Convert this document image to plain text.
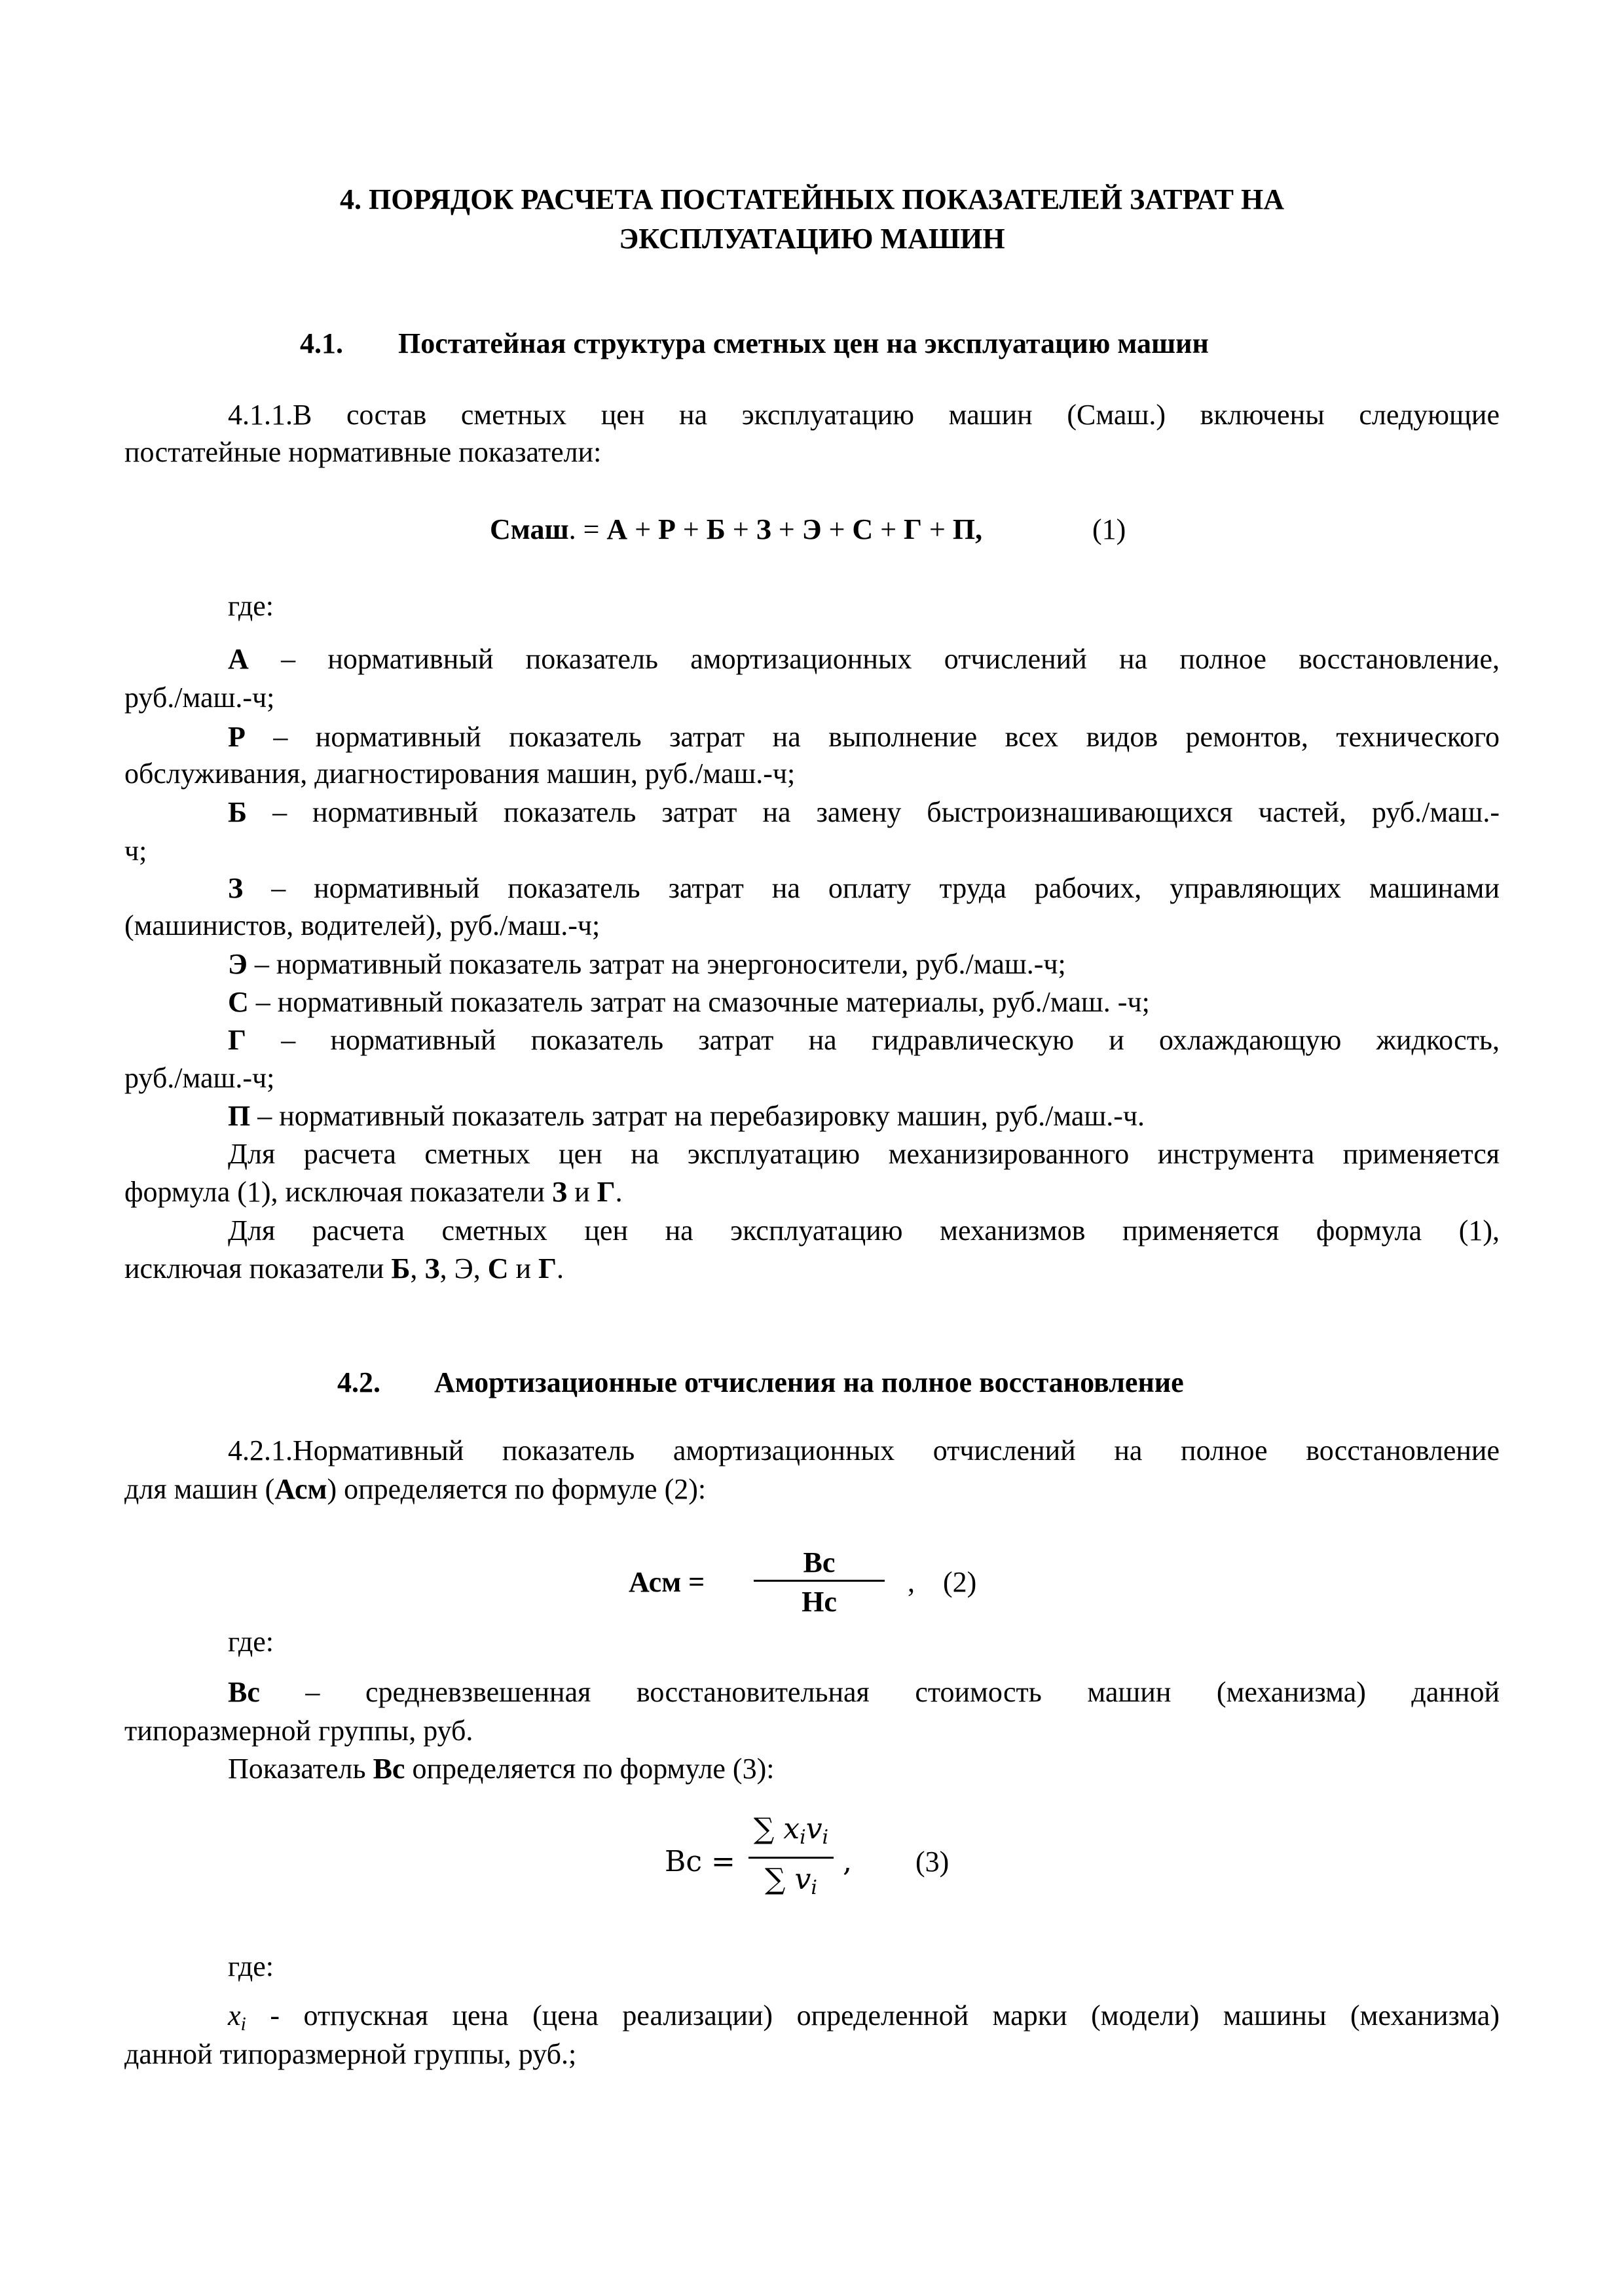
4. ПОРЯДОК РАСЧЕТА ПОСТАТЕЙНЫХ ПОКАЗАТЕЛЕЙ ЗАТРАТ НА
ЭКСПЛУАТАЦИЮ МАШИН
4.1. Постатейная структура сметных цен на эксплуатацию машин
4.1.1.В состав сметных цен на эксплуатацию машин (Смаш.) включены следующие
постатейные нормативные показатели:
Смаш. = А + Р + Б + З + Э + С + Г + П,	(1)
где:
А – нормативный показатель амортизационных отчислений на полное восстановление,
руб./маш.-ч;
Р – нормативный показатель затрат на выполнение всех видов ремонтов, технического
обслуживания, диагностирования машин, руб./маш.-ч;
Б – нормативный показатель затрат на замену быстроизнашивающихся частей, руб./маш.-
ч;
З – нормативный показатель затрат на оплату труда рабочих, управляющих машинами
(машинистов, водителей), руб./маш.-ч;
Э – нормативный показатель затрат на энергоносители, руб./маш.-ч;
С – нормативный показатель затрат на смазочные материалы, руб./маш. -ч;
Г – нормативный показатель затрат на гидравлическую и охлаждающую жидкость,
руб./маш.-ч;
П – нормативный показатель затрат на перебазировку машин, руб./маш.-ч.
Для расчета сметных цен на эксплуатацию механизированного инструмента применяется
формула (1), исключая показатели З и Г.
Для расчета сметных цен на эксплуатацию механизмов применяется формула (1),
исключая показатели Б, З, Э, С и Г.
4.2. Амортизационные отчисления на полное восстановление
4.2.1.Нормативный показатель амортизационных отчислений на полное восстановление
для машин (Асм) определяется по формуле (2):
Асм =
Вс
Нс
, (2)
где:
Вс – средневзвешенная восстановительная стоимость машин (механизма) данной
типоразмерной группы, руб.
Показатель Вс определяется по формуле (3):
Вс =
∑ $x_iv_i$
∑ $v_i$
, (3)
где:
$x_i$ - отпускная цена (цена реализации) определенной марки (модели) машины (механизма)
данной типоразмерной группы, руб.;
